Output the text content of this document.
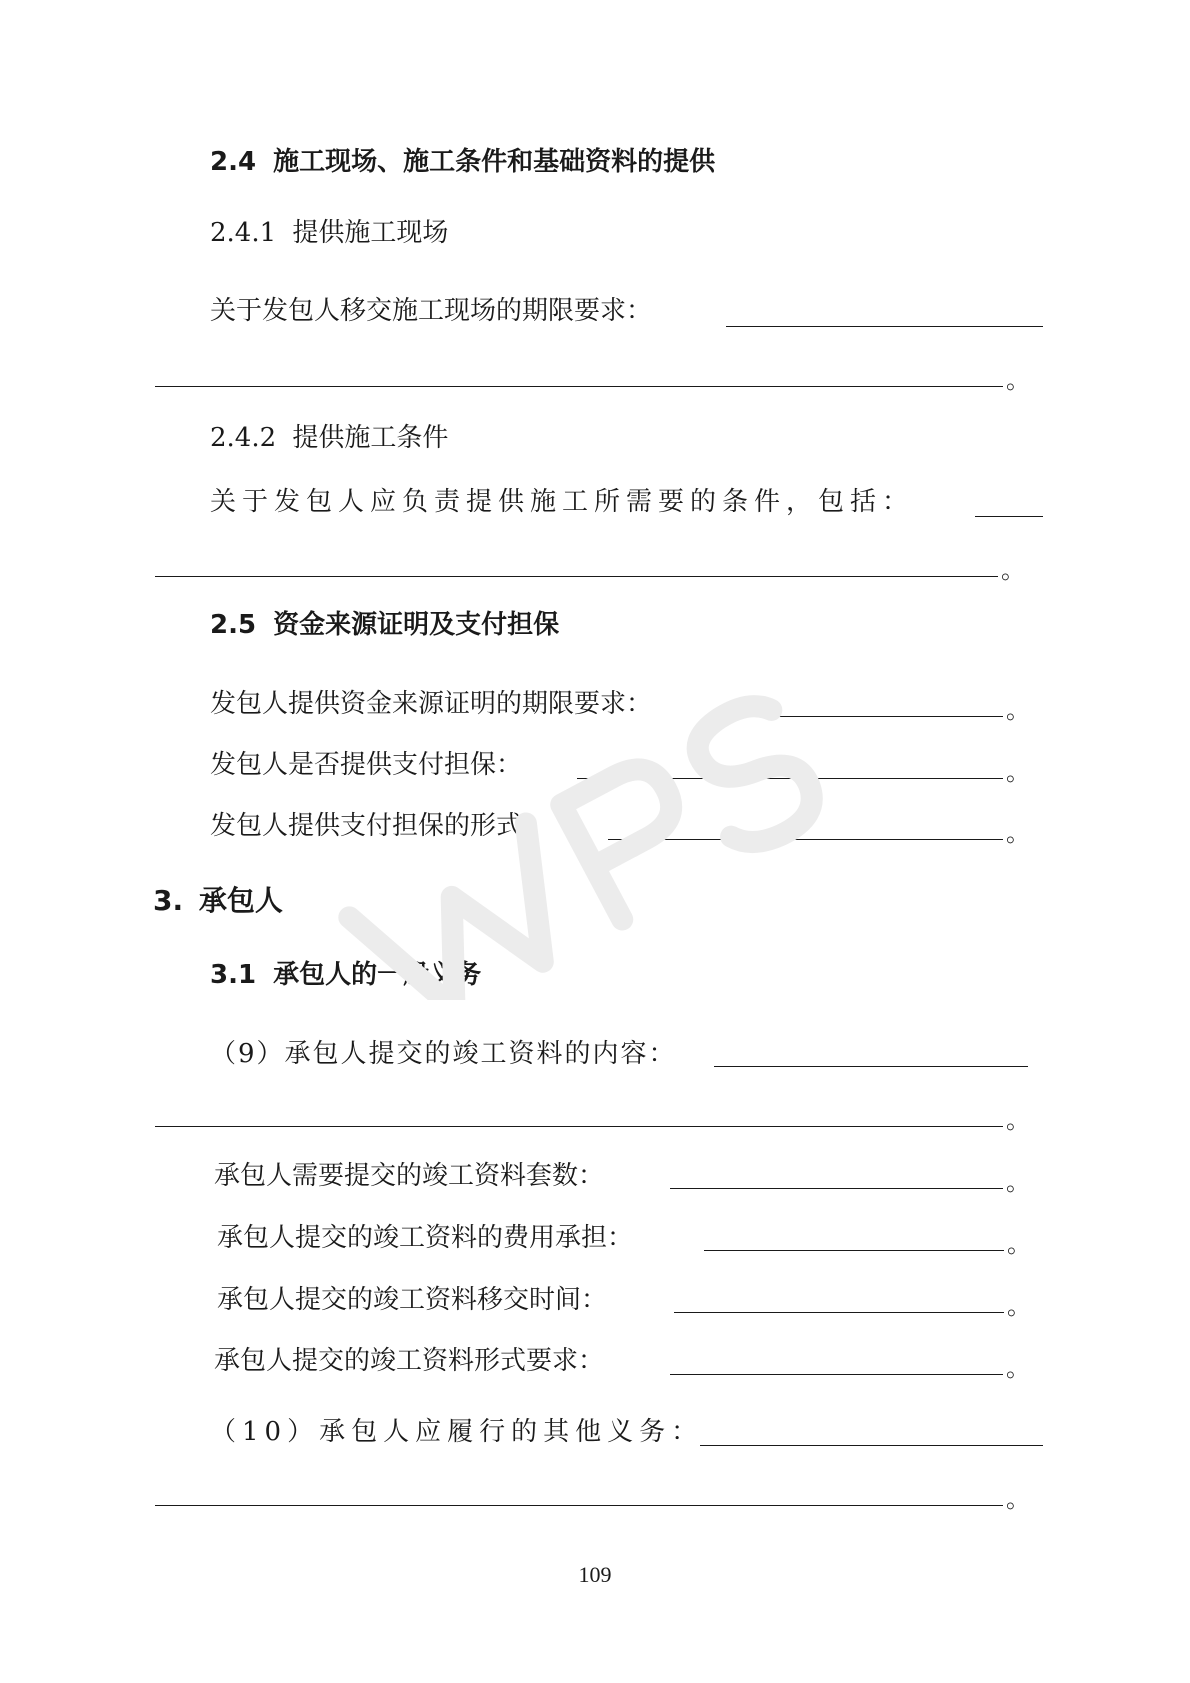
2.4 施工现场、施工条件和基础资料的提供
2.4.1 提供施工现场
关于发包人移交施工现场的期限要求：
。
2.4.2 提供施工条件
关于发包人应负责提供施工所需要的条件，包括：
。
2.5 资金来源证明及支付担保
发包人提供资金来源证明的期限要求：	。
发包人是否提供支付担保：	。
发包人提供支付担保的形式：	。
3. 承包人
3.1 承包人的一般义务
（9）承包人提交的竣工资料的内容：
。
承包人需要提交的竣工资料套数：	。
承包人提交的竣工资料的费用承担：	。
承包人提交的竣工资料移交时间：	。
承包人提交的竣工资料形式要求：	。
（10）承包人应履行的其他义务：
。
109
